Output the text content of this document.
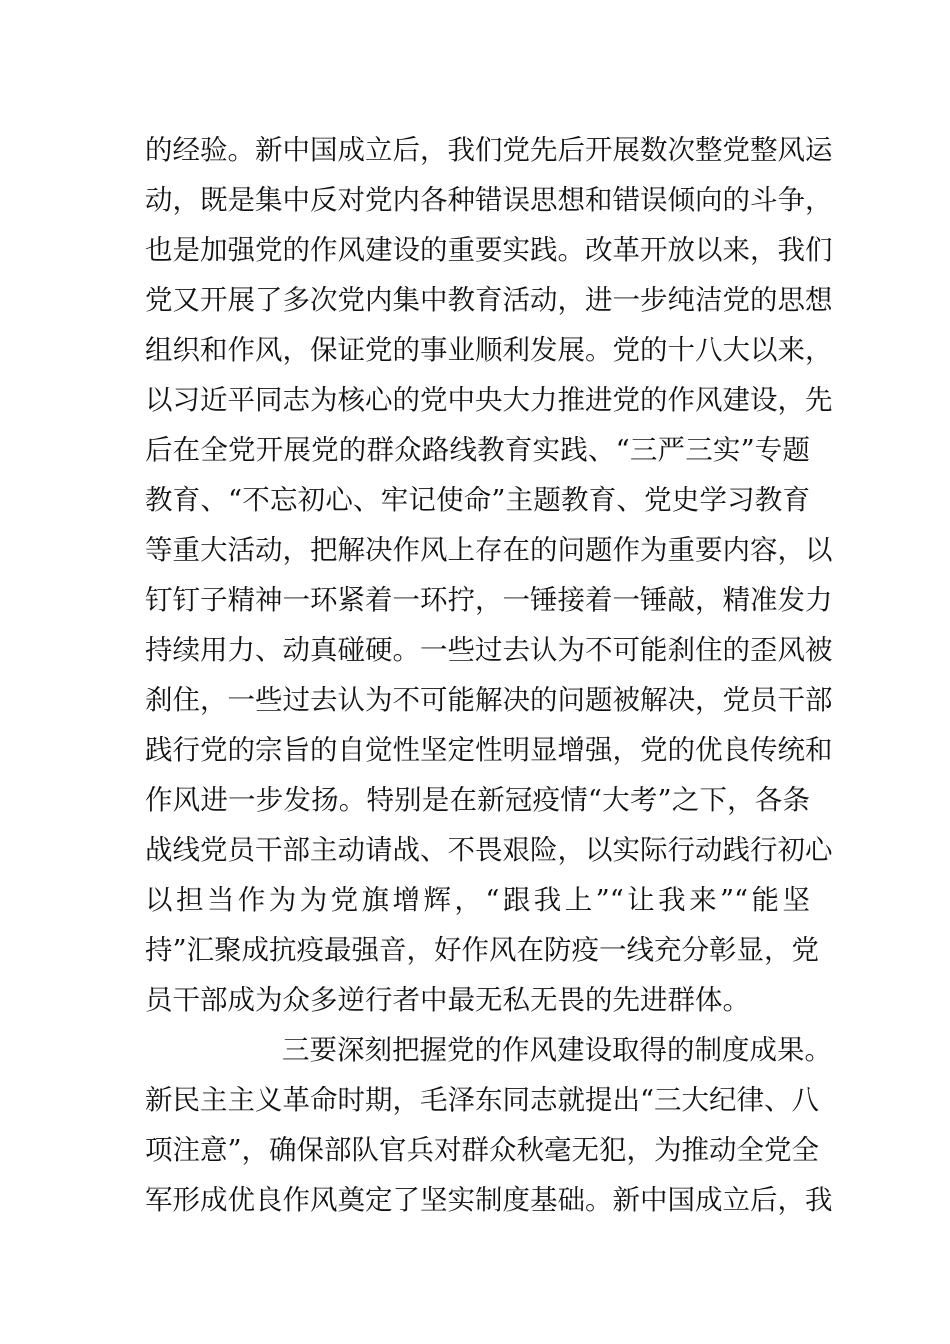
的经验。新中国成立后，我们党先后开展数次整党整风运
动，既是集中反对党内各种错误思想和错误倾向的斗争，
也是加强党的作风建设的重要实践。改革开放以来，我们
党又开展了多次党内集中教育活动，进一步纯洁党的思想
组织和作风，保证党的事业顺利发展。党的十八大以来，
以习近平同志为核心的党中央大力推进党的作风建设，先
后在全党开展党的群众路线教育实践、“三严三实”专题
教育、“不忘初心、牢记使命”主题教育、党史学习教育
等重大活动，把解决作风上存在的问题作为重要内容，以
钉钉子精神一环紧着一环拧，一锤接着一锤敲，精准发力
持续用力、动真碰硬。一些过去认为不可能刹住的歪风被
刹住，一些过去认为不可能解决的问题被解决，党员干部
践行党的宗旨的自觉性坚定性明显增强，党的优良传统和
作风进一步发扬。特别是在新冠疫情“大考”之下，各条
战线党员干部主动请战、不畏艰险，以实际行动践行初心
以担当作为为党旗增辉，“跟我上”“让我来”“能坚
持”汇聚成抗疫最强音，好作风在防疫一线充分彰显，党
员干部成为众多逆行者中最无私无畏的先进群体。
三要深刻把握党的作风建设取得的制度成果。
新民主主义革命时期，毛泽东同志就提出“三大纪律、八
项注意”，确保部队官兵对群众秋毫无犯，为推动全党全
军形成优良作风奠定了坚实制度基础。新中国成立后，我
